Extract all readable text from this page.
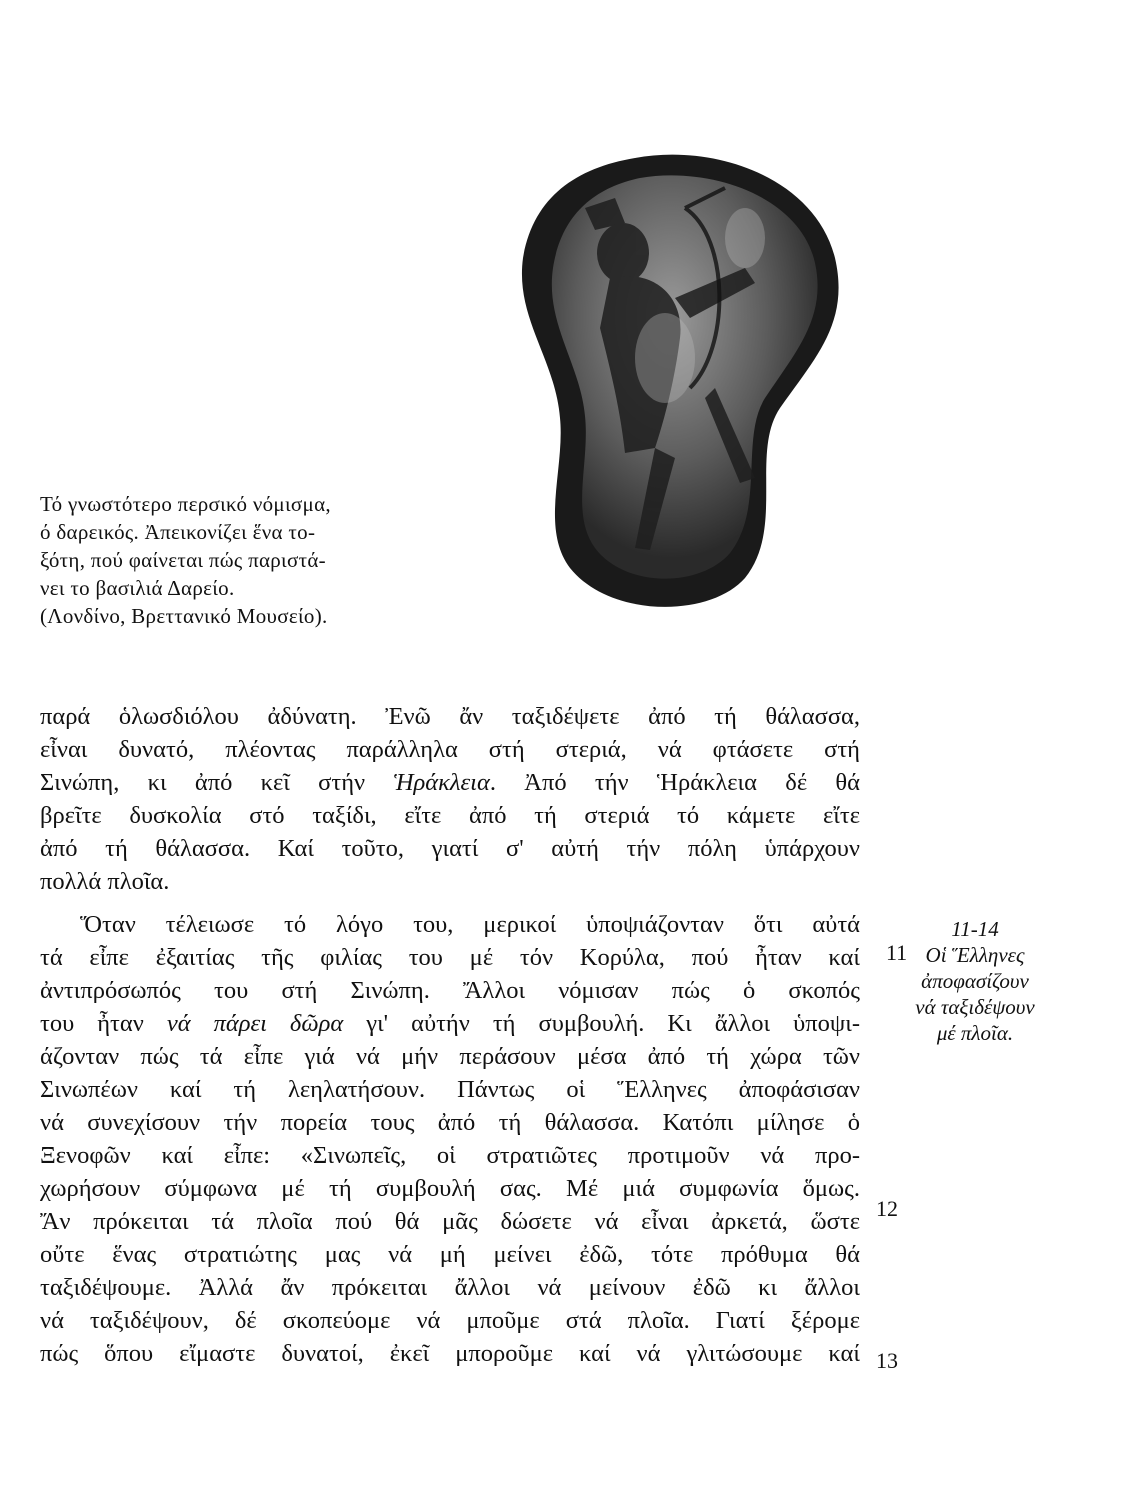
Τό γνωστότερο περσικό νόμισμα,
ό δαρεικός. Ἀπεικονίζει ἕνα το-
ξότη, πού φαίνεται πώς παριστά-
νει το βασιλιά Δαρείο.
(Λονδίνο, Βρεττανικό Μουσείο).
παρά ὁλωσδιόλου ἀδύνατη. Ἐνῶ ἄν ταξιδέψετε ἀπό τή θάλασσα,
εἶναι δυνατό, πλέοντας παράλληλα στή στεριά, νά φτάσετε στή
Σινώπη, κι ἀπό κεῖ στήν Ἡράκλεια. Ἀπό τήν Ἡράκλεια δέ θά
βρεῖτε δυσκολία στό ταξίδι, εἴτε ἀπό τή στεριά τό κάμετε εἴτε
ἀπό τή θάλασσα. Καί τοῦτο, γιατί σ' αὐτή τήν πόλη ὑπάρχουν
πολλά πλοῖα.
Ὅταν τέλειωσε τό λόγο του, μερικοί ὑποψιάζονταν ὅτι αὐτά
τά εἶπε ἐξαιτίας τῆς φιλίας του μέ τόν Κορύλα, πού ἦταν καί
ἀντιπρόσωπός του στή Σινώπη. Ἄλλοι νόμισαν πώς ὁ σκοπός
του ἦταν νά πάρει δῶρα γι' αὐτήν τή συμβουλή. Κι ἄλλοι ὑποψι-
άζονταν πώς τά εἶπε γιά νά μήν περάσουν μέσα ἀπό τή χώρα τῶν
Σινωπέων καί τή λεηλατήσουν. Πάντως οἱ Ἕλληνες ἀποφάσισαν
νά συνεχίσουν τήν πορεία τους ἀπό τή θάλασσα. Κατόπι μίλησε ὁ
Ξενοφῶν καί εἶπε: «Σινωπεῖς, οἱ στρατιῶτες προτιμοῦν νά προ-
χωρήσουν σύμφωνα μέ τή συμβουλή σας. Μέ μιά συμφωνία ὅμως.
Ἄν πρόκειται τά πλοῖα πού θά μᾶς δώσετε νά εἶναι ἀρκετά, ὥστε
οὔτε ἕνας στρατιώτης μας νά μή μείνει ἐδῶ, τότε πρόθυμα θά
ταξιδέψουμε. Ἀλλά ἄν πρόκειται ἄλλοι νά μείνουν ἐδῶ κι ἄλλοι
νά ταξιδέψουν, δέ σκοπεύομε νά μποῦμε στά πλοῖα. Γιατί ξέρομε
πώς ὅπου εἴμαστε δυνατοί, ἐκεῖ μποροῦμε καί νά γλιτώσουμε καί
11
12
13
11-14
Οἱ Ἕλληνες
ἀποφασίζουν
νά ταξιδέψουν
μέ πλοῖα.
